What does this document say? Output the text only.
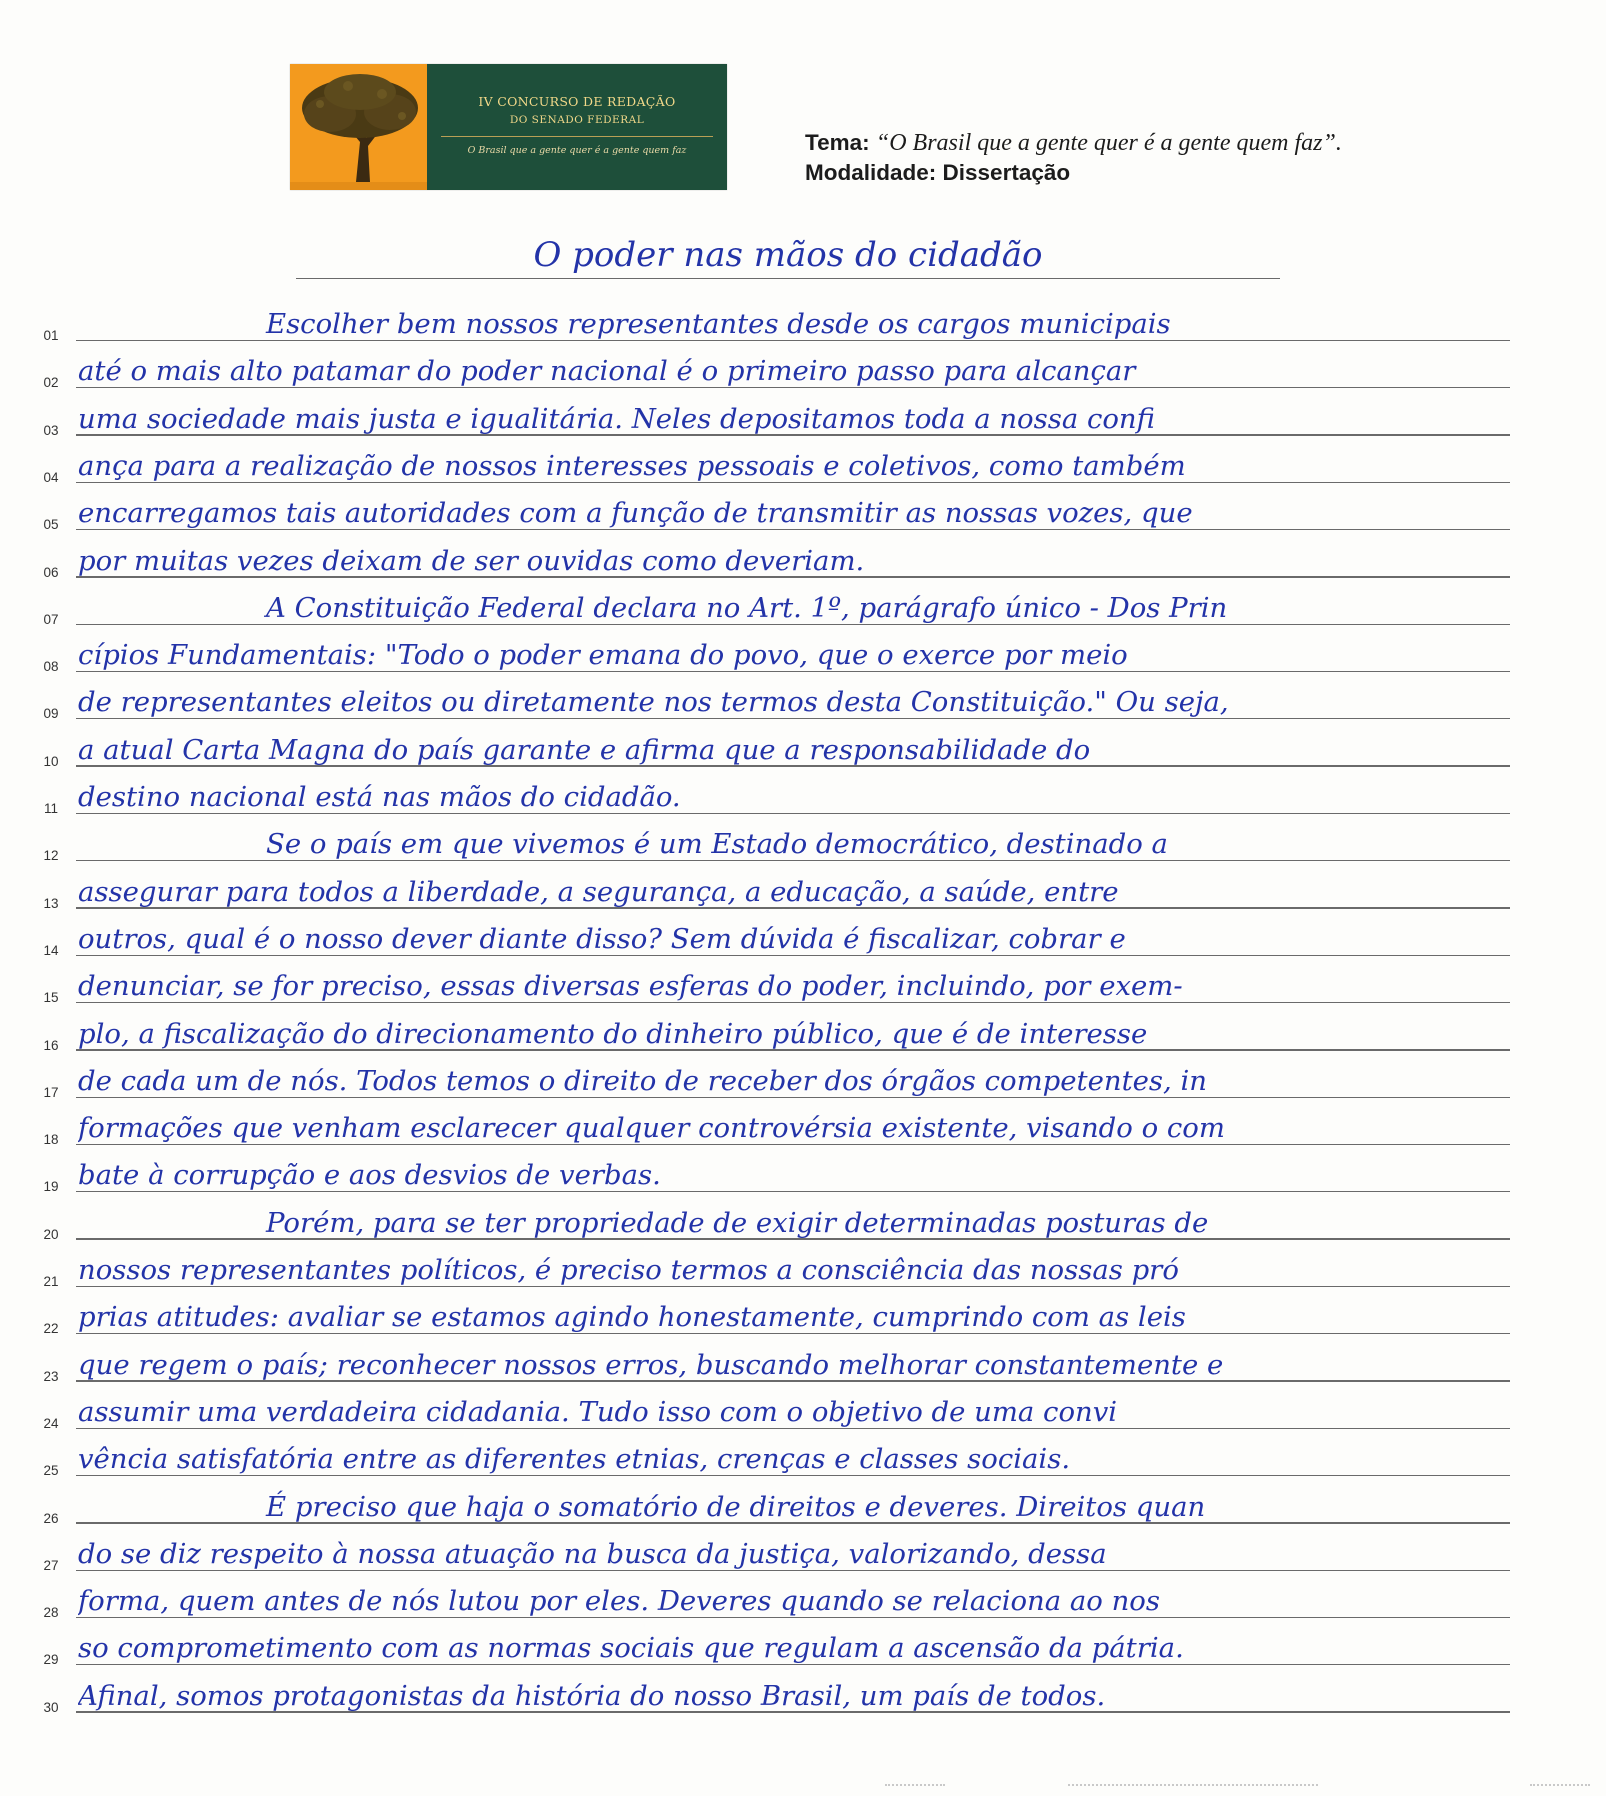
IV CONCURSO DE REDAÇÃO
DO SENADO FEDERAL
O Brasil que a gente quer é a gente quem faz	Tema: “O Brasil que a gente quer é a gente quem faz”.
Modalidade: Dissertação
O poder nas mãos do cidadão
01	Escolher bem nossos representantes desde os cargos municipais
02 até o mais alto patamar do poder nacional é o primeiro passo para alcançar
03 uma sociedade mais justa e igualitária. Neles depositamos toda a nossa confi
04 ança para a realização de nossos interesses pessoais e coletivos, como também
05 encarregamos tais autoridades com a função de transmitir as nossas vozes, que
06 por muitas vezes deixam de ser ouvidas como deveriam.
07	A Constituição Federal declara no Art. 1º, parágrafo único - Dos Prin
08 cípios Fundamentais: "Todo o poder emana do povo, que o exerce por meio
09 de representantes eleitos ou diretamente nos termos desta Constituição." Ou seja,
10 a atual Carta Magna do país garante e afirma que a responsabilidade do
11 destino nacional está nas mãos do cidadão.
12	Se o país em que vivemos é um Estado democrático, destinado a
13 assegurar para todos a liberdade, a segurança, a educação, a saúde, entre
14 outros, qual é o nosso dever diante disso? Sem dúvida é fiscalizar, cobrar e
15 denunciar, se for preciso, essas diversas esferas do poder, incluindo, por exem-
16 plo, a fiscalização do direcionamento do dinheiro público, que é de interesse
17 de cada um de nós. Todos temos o direito de receber dos órgãos competentes, in
18 formações que venham esclarecer qualquer controvérsia existente, visando o com
19 bate à corrupção e aos desvios de verbas.
20	Porém, para se ter propriedade de exigir determinadas posturas de
21 nossos representantes políticos, é preciso termos a consciência das nossas pró
22 prias atitudes: avaliar se estamos agindo honestamente, cumprindo com as leis
23 que regem o país; reconhecer nossos erros, buscando melhorar constantemente e
24 assumir uma verdadeira cidadania. Tudo isso com o objetivo de uma convi
25 vência satisfatória entre as diferentes etnias, crenças e classes sociais.
26	É preciso que haja o somatório de direitos e deveres. Direitos quan
27 do se diz respeito à nossa atuação na busca da justiça, valorizando, dessa
28 forma, quem antes de nós lutou por eles. Deveres quando se relaciona ao nos
29 so comprometimento com as normas sociais que regulam a ascensão da pátria.
30 Afinal, somos protagonistas da história do nosso Brasil, um país de todos.
